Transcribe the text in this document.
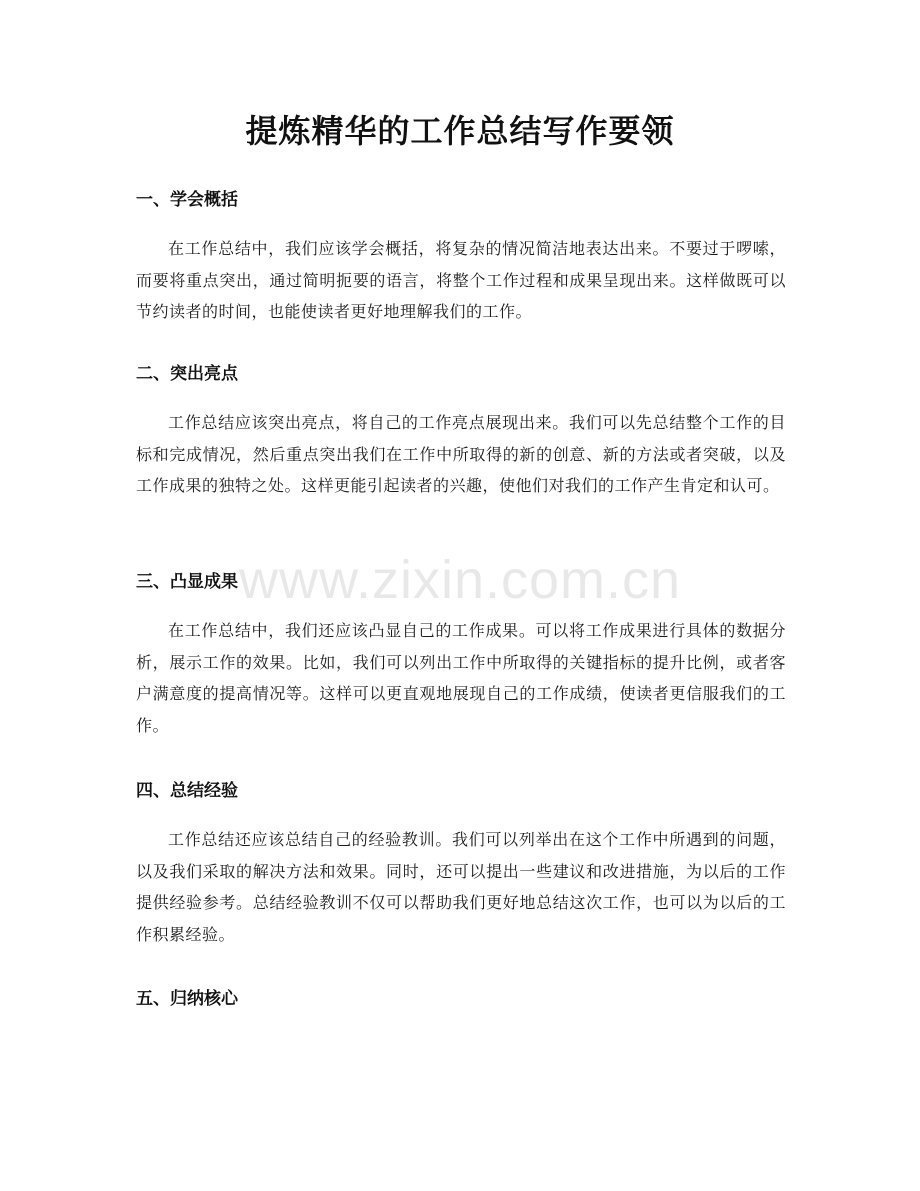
提炼精华的工作总结写作要领
一、学会概括

在工作总结中，我们应该学会概括，将复杂的情况简洁地表达出来。不要过于啰嗦，而要将重点突出，通过简明扼要的语言，将整个工作过程和成果呈现出来。这样做既可以节约读者的时间，也能使读者更好地理解我们的工作。

二、突出亮点

工作总结应该突出亮点，将自己的工作亮点展现出来。我们可以先总结整个工作的目标和完成情况，然后重点突出我们在工作中所取得的新的创意、新的方法或者突破，以及工作成果的独特之处。这样更能引起读者的兴趣，使他们对我们的工作产生肯定和认可。

三、凸显成果

在工作总结中，我们还应该凸显自己的工作成果。可以将工作成果进行具体的数据分析，展示工作的效果。比如，我们可以列出工作中所取得的关键指标的提升比例，或者客户满意度的提高情况等。这样可以更直观地展现自己的工作成绩，使读者更信服我们的工作。

四、总结经验

工作总结还应该总结自己的经验教训。我们可以列举出在这个工作中所遇到的问题，以及我们采取的解决方法和效果。同时，还可以提出一些建议和改进措施，为以后的工作提供经验参考。总结经验教训不仅可以帮助我们更好地总结这次工作，也可以为以后的工作积累经验。

五、归纳核心
www.zixin.com.cn
